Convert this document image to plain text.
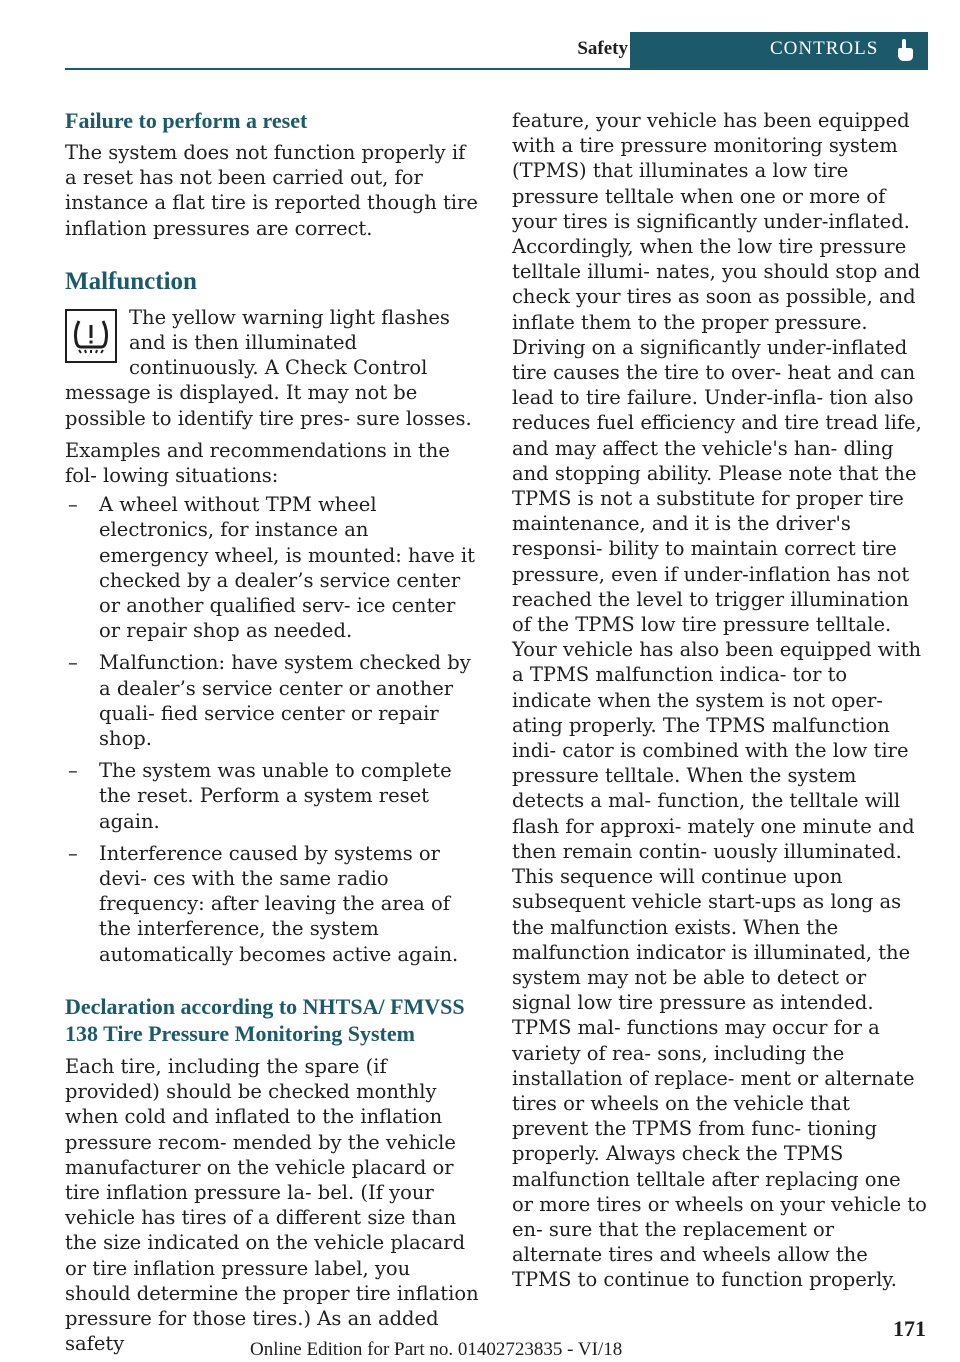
Safety	CONTROLS
Failure to perform a reset

The system does not function properly if a reset has not been carried out, for instance a flat tire is reported though tire inflation pressures are correct.

Malfunction

The yellow warning light flashes and is then illuminated continuously. A Check Control message is displayed. It may not be possible to identify tire pres‐ sure losses.

Examples and recommendations in the fol‐ lowing situations:

– A wheel without TPM wheel electronics, for instance an emergency wheel, is mounted: have it checked by a dealer’s service center or another qualified serv‐ ice center or repair shop as needed.
– Malfunction: have system checked by a dealer’s service center or another quali‐ fied service center or repair shop.
– The system was unable to complete the reset. Perform a system reset again.
– Interference caused by systems or devi‐ ces with the same radio frequency: after leaving the area of the interference, the system automatically becomes active again.
Declaration according to NHTSA/ FMVSS 138 Tire Pressure Monitoring System

Each tire, including the spare (if provided) should be checked monthly when cold and inflated to the inflation pressure recom‐ mended by the vehicle manufacturer on the vehicle placard or tire inflation pressure la‐ bel. (If your vehicle has tires of a different size than the size indicated on the vehicle placard or tire inflation pressure label, you should determine the proper tire inflation pressure for those tires.) As an added safety

feature, your vehicle has been equipped with a tire pressure monitoring system (TPMS) that illuminates a low tire pressure telltale when one or more of your tires is significantly under-inflated. Accordingly, when the low tire pressure telltale illumi‐ nates, you should stop and check your tires as soon as possible, and inflate them to the proper pressure. Driving on a significantly under-inflated tire causes the tire to over‐ heat and can lead to tire failure. Under-infla‐ tion also reduces fuel efficiency and tire tread life, and may affect the vehicle's han‐ dling and stopping ability. Please note that the TPMS is not a substitute for proper tire maintenance, and it is the driver's responsi‐ bility to maintain correct tire pressure, even if under-inflation has not reached the level to trigger illumination of the TPMS low tire pressure telltale. Your vehicle has also been equipped with a TPMS malfunction indica‐ tor to indicate when the system is not oper‐ ating properly. The TPMS malfunction indi‐ cator is combined with the low tire pressure telltale. When the system detects a mal‐ function, the telltale will flash for approxi‐ mately one minute and then remain contin‐ uously illuminated. This sequence will continue upon subsequent vehicle start-ups as long as the malfunction exists. When the malfunction indicator is illuminated, the system may not be able to detect or signal low tire pressure as intended. TPMS mal‐ functions may occur for a variety of rea‐ sons, including the installation of replace‐ ment or alternate tires or wheels on the vehicle that prevent the TPMS from func‐ tioning properly. Always check the TPMS malfunction telltale after replacing one or more tires or wheels on your vehicle to en‐ sure that the replacement or alternate tires and wheels allow the TPMS to continue to function properly.

Online Edition for Part no. 01402723835 - VI/18
171
